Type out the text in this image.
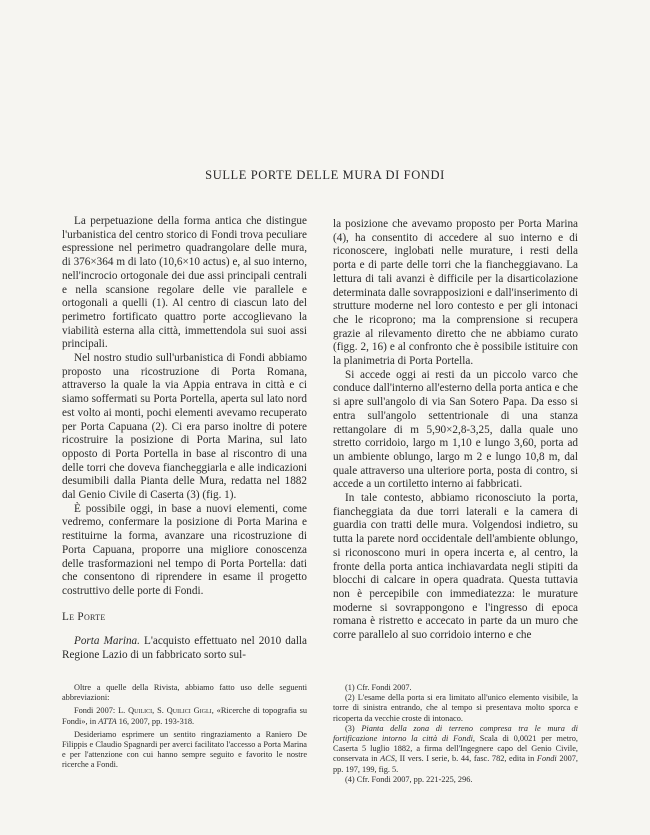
SULLE PORTE DELLE MURA DI FONDI

La perpetuazione della forma antica che distingue l'urbanistica del centro storico di Fondi trova peculiare espressione nel perimetro quadrangolare delle mura, di 376×364 m di lato (10,6×10 actus) e, al suo interno, nell'incrocio ortogonale dei due assi principali centrali e nella scansione regolare delle vie parallele e ortogonali a quelli (1). Al centro di ciascun lato del perimetro fortificato quattro porte accoglievano la viabilità esterna alla città, immettendola sui suoi assi principali.

Nel nostro studio sull'urbanistica di Fondi abbiamo proposto una ricostruzione di Porta Romana, attraverso la quale la via Appia entrava in città e ci siamo soffermati su Porta Portella, aperta sul lato nord est volto ai monti, pochi elementi avevamo recuperato per Porta Capuana (2). Ci era parso inoltre di potere ricostruire la posizione di Porta Marina, sul lato opposto di Porta Portella in base al riscontro di una delle torri che doveva fiancheggiarla e alle indicazioni desumibili dalla Pianta delle Mura, redatta nel 1882 dal Genio Civile di Caserta (3) (fig. 1).

È possibile oggi, in base a nuovi elementi, come vedremo, confermare la posizione di Porta Marina e restituirne la forma, avanzare una ricostruzione di Porta Capuana, proporre una migliore conoscenza delle trasformazioni nel tempo di Porta Portella: dati che consentono di riprendere in esame il progetto costruttivo delle porte di Fondi.

Le Porte

Porta Marina. L'acquisto effettuato nel 2010 dalla Regione Lazio di un fabbricato sorto sul-

la posizione che avevamo proposto per Porta Marina (4), ha consentito di accedere al suo interno e di riconoscere, inglobati nelle murature, i resti della porta e di parte delle torri che la fiancheggiavano. La lettura di tali avanzi è difficile per la disarticolazione determinata dalle sovrapposizioni e dall'inserimento di strutture moderne nel loro contesto e per gli intonaci che le ricoprono; ma la comprensione si recupera grazie al rilevamento diretto che ne abbiamo curato (figg. 2, 16) e al confronto che è possibile istituire con la planimetria di Porta Portella.

Si accede oggi ai resti da un piccolo varco che conduce dall'interno all'esterno della porta antica e che si apre sull'angolo di via San Sotero Papa. Da esso si entra sull'angolo settentrionale di una stanza rettangolare di m 5,90×2,8-3,25, dalla quale uno stretto corridoio, largo m 1,10 e lungo 3,60, porta ad un ambiente oblungo, largo m 2 e lungo 10,8 m, dal quale attraverso una ulteriore porta, posta di contro, si accede a un cortiletto interno ai fabbricati.

In tale contesto, abbiamo riconosciuto la porta, fiancheggiata da due torri laterali e la camera di guardia con tratti delle mura. Volgendosi indietro, su tutta la parete nord occidentale dell'ambiente oblungo, si riconoscono muri in opera incerta e, al centro, la fronte della porta antica inchiavardata negli stipiti da blocchi di calcare in opera quadrata. Questa tuttavia non è percepibile con immediatezza: le murature moderne si sovrappongono e l'ingresso di epoca romana è ristretto e accecato in parte da un muro che corre parallelo al suo corridoio interno e che

Oltre a quelle della Rivista, abbiamo fatto uso delle seguenti abbreviazioni:

Fondi 2007: L. Quilici, S. Quilici Gigli, «Ricerche di topografia su Fondi», in ATTA 16, 2007, pp. 193-318.

Desideriamo esprimere un sentito ringraziamento a Raniero De Filippis e Claudio Spagnardi per averci facilitato l'accesso a Porta Marina e per l'attenzione con cui hanno sempre seguito e favorito le nostre ricerche a Fondi.

(1) Cfr. Fondi 2007.

(2) L'esame della porta si era limitato all'unico elemento visibile, la torre di sinistra entrando, che al tempo si presentava molto sporca e ricoperta da vecchie croste di intonaco.

(3) Pianta della zona di terreno compresa tra le mura di fortificazione intorno la città di Fondi, Scala di 0,0021 per metro, Caserta 5 luglio 1882, a firma dell'Ingegnere capo del Genio Civile, conservata in ACS, II vers. I serie, b. 44, fasc. 782, edita in Fondi 2007, pp. 197, 199, fig. 5.

(4) Cfr. Fondi 2007, pp. 221-225, 296.
